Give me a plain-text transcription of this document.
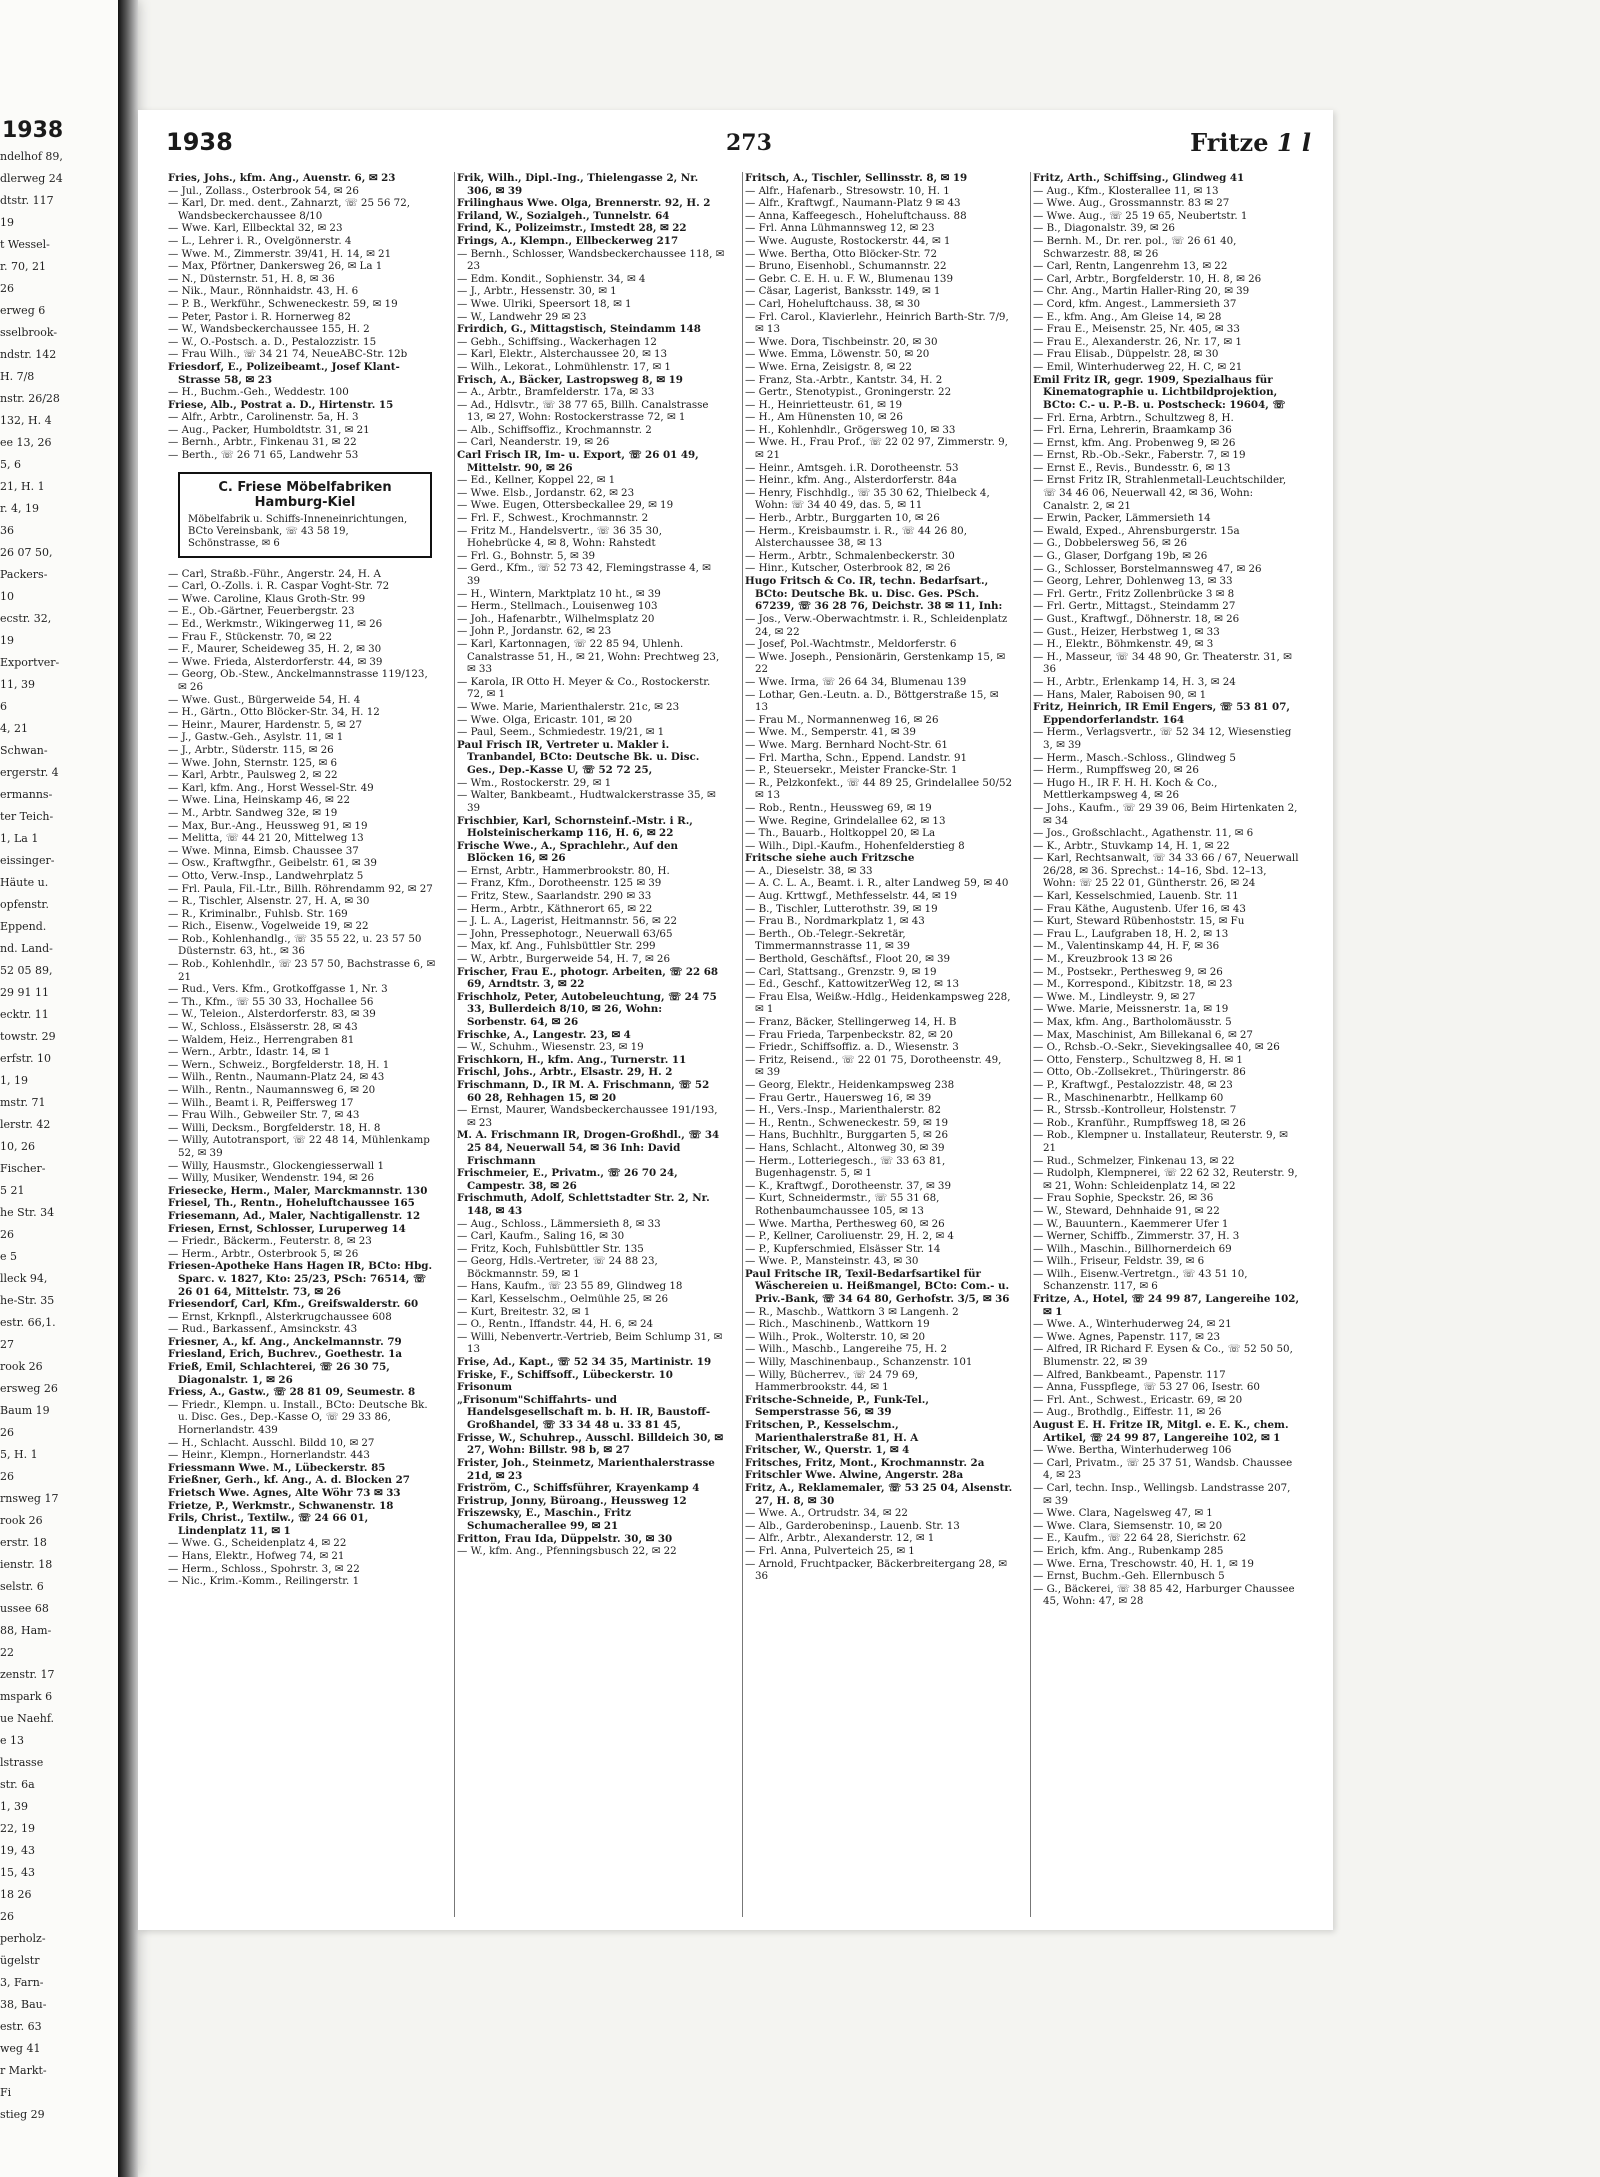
1938
ndelhof 89,
dlerweg 24
dtstr. 117
19
t Wessel-
r. 70, 21
26
erweg 6
sselbrook-
ndstr. 142
H. 7/8
nstr. 26/28
132, H. 4
ee 13, 26
5, 6
21, H. 1
r. 4, 19
36
26 07 50,
Packers-
10
ecstr. 32,
19
Exportver-
11, 39
6
4, 21
Schwan-
ergerstr. 4
ermanns-
ter Teich-
1, La 1
eissinger-
Häute u.
opfenstr.
Eppend.
nd. Land-
52 05 89,
29 91 11
ecktr. 11
towstr. 29
erfstr. 10
1, 19
mstr. 71
lerstr. 42
10, 26
Fischer-
5 21
he Str. 34
26
e 5
lleck 94,
he-Str. 35
estr. 66,1.
27
rook 26
ersweg 26
Baum 19
26
5, H. 1
26
rnsweg 17
rook 26
erstr. 18
ienstr. 18
selstr. 6
ussee 68
88, Ham-
22
zenstr. 17
mspark 6
ue Naehf.
e 13
lstrasse
str. 6a
1, 39
22, 19
19, 43
15, 43
18 26
26
perholz-
ügelstr
3, Farn-
38, Bau-
estr. 63
weg 41
r Markt-
Fi
stieg 29
1938	273	Fritze 1 l

Fries, Johs., kfm. Ang., Auenstr. 6, ✉ 23

— Jul., Zollass., Osterbrook 54, ✉ 26

— Karl, Dr. med. dent., Zahnarzt, ☏ 25 56 72, Wandsbeckerchaussee 8/10

— Wwe. Karl, Ellbecktal 32, ✉ 23

— L., Lehrer i. R., Ovelgönnerstr. 4

— Wwe. M., Zimmerstr. 39/41, H. 14, ✉ 21

— Max, Pförtner, Dankersweg 26, ✉ La 1

— N., Düsternstr. 51, H. 8, ✉ 36

— Nik., Maur., Rönnhaidstr. 43, H. 6

— P. B., Werkführ., Schweneckestr. 59, ✉ 19

— Peter, Pastor i. R. Hornerweg 82

— W., Wandsbeckerchaussee 155, H. 2

— W., O.-Postsch. a. D., Pestalozzistr. 15

— Frau Wilh., ☏ 34 21 74, NeueABC-Str. 12b

Friesdorf, E., Polizeibeamt., Josef Klant-Strasse 58, ✉ 23

— H., Buchm.-Geh., Weddestr. 100

Friese, Alb., Postrat a. D., Hirtenstr. 15

— Alfr., Arbtr., Carolinenstr. 5a, H. 3

— Aug., Packer, Humboldtstr. 31, ✉ 21

— Bernh., Arbtr., Finkenau 31, ✉ 22

— Berth., ☏ 26 71 65, Landwehr 53

C. Friese Möbelfabriken
Hamburg-Kiel
Möbelfabrik u. Schiffs-Inneneinrichtungen, BCto Vereinsbank, ☏ 43 58 19, Schönstrasse, ✉ 6

— Carl, Straßb.-Führ., Angerstr. 24, H. A

— Carl, O.-Zolls. i. R. Caspar Voght-Str. 72

— Wwe. Caroline, Klaus Groth-Str. 99

— E., Ob.-Gärtner, Feuerbergstr. 23

— Ed., Werkmstr., Wikingerweg 11, ✉ 26

— Frau F., Stückenstr. 70, ✉ 22

— F., Maurer, Scheideweg 35, H. 2, ✉ 30

— Wwe. Frieda, Alsterdorferstr. 44, ✉ 39

— Georg, Ob.-Stew., Anckelmannstrasse 119/123, ✉ 26

— Wwe. Gust., Bürgerweide 54, H. 4

— H., Gärtn., Otto Blöcker-Str. 34, H. 12

— Heinr., Maurer, Hardenstr. 5, ✉ 27

— J., Gastw.-Geh., Asylstr. 11, ✉ 1

— J., Arbtr., Süderstr. 115, ✉ 26

— Wwe. John, Sternstr. 125, ✉ 6

— Karl, Arbtr., Paulsweg 2, ✉ 22

— Karl, kfm. Ang., Horst Wessel-Str. 49

— Wwe. Lina, Heinskamp 46, ✉ 22

— M., Arbtr. Sandweg 32e, ✉ 19

— Max, Bur.-Ang., Heussweg 91, ✉ 19

— Melitta, ☏ 44 21 20, Mittelweg 13

— Wwe. Minna, Eimsb. Chaussee 37

— Osw., Kraftwgfhr., Geibelstr. 61, ✉ 39

— Otto, Verw.-Insp., Landwehrplatz 5

— Frl. Paula, Fil.-Ltr., Billh. Röhrendamm 92, ✉ 27

— R., Tischler, Alsenstr. 27, H. A, ✉ 30

— R., Kriminalbr., Fuhlsb. Str. 169

— Rich., Eisenw., Vogelweide 19, ✉ 22

— Rob., Kohlenhandlg., ☏ 35 55 22, u. 23 57 50 Düsternstr. 63, ht., ✉ 36

— Rob., Kohlenhdlr., ☏ 23 57 50, Bachstrasse 6, ✉ 21

— Rud., Vers. Kfm., Grotkoffgasse 1, Nr. 3

— Th., Kfm., ☏ 55 30 33, Hochallee 56

— W., Teleion., Alsterdorferstr. 83, ✉ 39

— W., Schloss., Elsässerstr. 28, ✉ 43

— Waldem, Heiz., Herrengraben 81

— Wern., Arbtr., Idastr. 14, ✉ 1

— Wern., Schweiz., Borgfelderstr. 18, H. 1

— Wilh., Rentn., Naumann-Platz 24, ✉ 43

— Wilh., Rentn., Naumannsweg 6, ✉ 20

— Wilh., Beamt i. R, Peiffersweg 17

— Frau Wilh., Gebweiler Str. 7, ✉ 43

— Willi, Decksm., Borgfelderstr. 18, H. 8

— Willy, Autotransport, ☏ 22 48 14, Mühlenkamp 52, ✉ 39

— Willy, Hausmstr., Glockengiesserwall 1

— Willy, Musiker, Wendenstr. 194, ✉ 26

Friesecke, Herm., Maler, Marckmannstr. 130

Friesel, Th., Rentn., Hoheluftchaussee 165

Friesemann, Ad., Maler, Nachtigallenstr. 12

Friesen, Ernst, Schlosser, Luruperweg 14

— Friedr., Bäckerm., Feuterstr. 8, ✉ 23

— Herm., Arbtr., Osterbrook 5, ✉ 26

Friesen-Apotheke Hans Hagen IR, BCto: Hbg. Sparc. v. 1827, Kto: 25/23, PSch: 76514, ☏ 26 01 64, Mittelstr. 73, ✉ 26

Friesendorf, Carl, Kfm., Greifswalderstr. 60

— Ernst, Krknpfl., Alsterkrugchaussee 608

— Rud., Barkassenf., Amsinckstr. 43

Friesner, A., kf. Ang., Anckelmannstr. 79

Friesland, Erich, Buchrev., Goethestr. 1a

Frieß, Emil, Schlachterei, ☏ 26 30 75, Diagonalstr. 1, ✉ 26

Friess, A., Gastw., ☏ 28 81 09, Seumestr. 8

— Friedr., Klempn. u. Install., BCto: Deutsche Bk. u. Disc. Ges., Dep.-Kasse O, ☏ 29 33 86, Hornerlandstr. 439

— H., Schlacht. Ausschl. Bildd 10, ✉ 27

— Heinr., Klempn., Hornerlandstr. 443

Friessmann Wwe. M., Lübeckerstr. 85

Frießner, Gerh., kf. Ang., A. d. Blocken 27

Frietsch Wwe. Agnes, Alte Wöhr 73 ✉ 33

Frietze, P., Werkmstr., Schwanenstr. 18

Frils, Christ., Textilw., ☏ 24 66 01, Lindenplatz 11, ✉ 1

— Wwe. G., Scheidenplatz 4, ✉ 22

— Hans, Elektr., Hofweg 74, ✉ 21

— Herm., Schloss., Spohrstr. 3, ✉ 22

— Nic., Krim.-Komm., Reilingerstr. 1

Frik, Wilh., Dipl.-Ing., Thielengasse 2, Nr. 306, ✉ 39

Frilinghaus Wwe. Olga, Brennerstr. 92, H. 2

Friland, W., Sozialgeh., Tunnelstr. 64

Frind, K., Polizeimstr., Imstedt 28, ✉ 22

Frings, A., Klempn., Ellbeckerweg 217

— Bernh., Schlosser, Wandsbeckerchaussee 118, ✉ 23

— Edm. Kondit., Sophienstr. 34, ✉ 4

— J., Arbtr., Hessenstr. 30, ✉ 1

— Wwe. Ulriki, Speersort 18, ✉ 1

— W., Landwehr 29 ✉ 23

Frirdich, G., Mittagstisch, Steindamm 148

— Gebh., Schiffsing., Wackerhagen 12

— Karl, Elektr., Alsterchaussee 20, ✉ 13

— Wilh., Lekorat., Lohmühlenstr. 17, ✉ 1

Frisch, A., Bäcker, Lastropsweg 8, ✉ 19

— A., Arbtr., Bramfelderstr. 17a, ✉ 33

— Ad., Hdlsvtr., ☏ 38 77 65, Billh. Canalstrasse 13, ✉ 27, Wohn: Rostockerstrasse 72, ✉ 1

— Alb., Schiffsoffiz., Krochmannstr. 2

— Carl, Neanderstr. 19, ✉ 26

Carl Frisch IR, Im- u. Export, ☏ 26 01 49, Mittelstr. 90, ✉ 26

— Ed., Kellner, Koppel 22, ✉ 1

— Wwe. Elsb., Jordanstr. 62, ✉ 23

— Wwe. Eugen, Ottersbeckallee 29, ✉ 19

— Frl. F., Schwest., Krochmannstr. 2

— Fritz M., Handelsvertr., ☏ 36 35 30, Hohebrücke 4, ✉ 8, Wohn: Rahstedt

— Frl. G., Bohnstr. 5, ✉ 39

— Gerd., Kfm., ☏ 52 73 42, Flemingstrasse 4, ✉ 39

— H., Wintern, Marktplatz 10 ht., ✉ 39

— Herm., Stellmach., Louisenweg 103

— Joh., Hafenarbtr., Wilhelmsplatz 20

— John P., Jordanstr. 62, ✉ 23

— Karl, Kartonnagen, ☏ 22 85 94, Uhlenh. Canalstrasse 51, H., ✉ 21, Wohn: Prechtweg 23, ✉ 33

— Karola, IR Otto H. Meyer & Co., Rostockerstr. 72, ✉ 1

— Wwe. Marie, Marienthalerstr. 21c, ✉ 23

— Wwe. Olga, Ericastr. 101, ✉ 20

— Paul, Seem., Schmiedestr. 19/21, ✉ 1

Paul Frisch IR, Vertreter u. Makler i. Tranbandel, BCto: Deutsche Bk. u. Disc. Ges., Dep.-Kasse U, ☏ 52 72 25,

— Wm., Rostockerstr. 29, ✉ 1

— Walter, Bankbeamt., Hudtwalckerstrasse 35, ✉ 39

Frischbier, Karl, Schornsteinf.-Mstr. i R., Holsteinischerkamp 116, H. 6, ✉ 22

Frische Wwe., A., Sprachlehr., Auf den Blöcken 16, ✉ 26

— Ernst, Arbtr., Hammerbrookstr. 80, H.

— Franz, Kfm., Dorotheenstr. 125 ✉ 39

— Fritz, Stew., Saarlandstr. 290 ✉ 33

— Herm., Arbtr., Käthnerort 65, ✉ 22

— J. L. A., Lagerist, Heitmannstr. 56, ✉ 22

— John, Pressephotogr., Neuerwall 63/65

— Max, kf. Ang., Fuhlsbüttler Str. 299

— W., Arbtr., Burgerweide 54, H. 7, ✉ 26

Frischer, Frau E., photogr. Arbeiten, ☏ 22 68 69, Arndtstr. 3, ✉ 22

Frischholz, Peter, Autobeleuchtung, ☏ 24 75 33, Bullerdeich 8/10, ✉ 26, Wohn: Sorbenstr. 64, ✉ 26

Frischke, A., Langestr. 23, ✉ 4

— W., Schuhm., Wiesenstr. 23, ✉ 19

Frischkorn, H., kfm. Ang., Turnerstr. 11

Frischl, Johs., Arbtr., Elsastr. 29, H. 2

Frischmann, D., IR M. A. Frischmann, ☏ 52 60 28, Rehhagen 15, ✉ 20

— Ernst, Maurer, Wandsbeckerchaussee 191/193, ✉ 23

M. A. Frischmann IR, Drogen-Großhdl., ☏ 34 25 84, Neuerwall 54, ✉ 36 Inh: David Frischmann

Frischmeier, E., Privatm., ☏ 26 70 24, Campestr. 38, ✉ 26

Frischmuth, Adolf, Schlettstadter Str. 2, Nr. 148, ✉ 43

— Aug., Schloss., Lämmersieth 8, ✉ 33

— Carl, Kaufm., Saling 16, ✉ 30

— Fritz, Koch, Fuhlsbüttler Str. 135

— Georg, Hdls.-Vertreter, ☏ 24 88 23, Böckmannstr. 59, ✉ 1

— Hans, Kaufm., ☏ 23 55 89, Glindweg 18

— Karl, Kesselschm., Oelmühle 25, ✉ 26

— Kurt, Breitestr. 32, ✉ 1

— O., Rentn., Iffandstr. 44, H. 6, ✉ 24

— Willi, Nebenvertr.-Vertrieb, Beim Schlump 31, ✉ 13

Frise, Ad., Kapt., ☏ 52 34 35, Martinistr. 19

Friske, F., Schiffsoff., Lübeckerstr. 10

Frisonum

„Frisonum"Schiffahrts- und Handelsgesellschaft m. b. H. IR, Baustoff-Großhandel, ☏ 33 34 48 u. 33 81 45,

Frisse, W., Schuhrep., Ausschl. Billdeich 30, ✉ 27, Wohn: Billstr. 98 b, ✉ 27

Frister, Joh., Steinmetz, Marienthalerstrasse 21d, ✉ 23

Friström, C., Schiffsführer, Krayenkamp 4

Fristrup, Jonny, Büroang., Heussweg 12

Friszewsky, E., Maschin., Fritz Schumacherallee 99, ✉ 21

Fritton, Frau Ida, Düppelstr. 30, ✉ 30

— W., kfm. Ang., Pfenningsbusch 22, ✉ 22

Fritsch, A., Tischler, Sellinsstr. 8, ✉ 19

— Alfr., Hafenarb., Stresowstr. 10, H. 1

— Alfr., Kraftwgf., Naumann-Platz 9 ✉ 43

— Anna, Kaffeegesch., Hoheluftchauss. 88

— Frl. Anna Lühmannsweg 12, ✉ 23

— Wwe. Auguste, Rostockerstr. 44, ✉ 1

— Wwe. Bertha, Otto Blöcker-Str. 72

— Bruno, Eisenhobl., Schumannstr. 22

— Gebr. C. E. H. u. F. W., Blumenau 139

— Cäsar, Lagerist, Banksstr. 149, ✉ 1

— Carl, Hoheluftchauss. 38, ✉ 30

— Frl. Carol., Klavierlehr., Heinrich Barth-Str. 7/9, ✉ 13

— Wwe. Dora, Tischbeinstr. 20, ✉ 30

— Wwe. Emma, Löwenstr. 50, ✉ 20

— Wwe. Erna, Zeisigstr. 8, ✉ 22

— Franz, Sta.-Arbtr., Kantstr. 34, H. 2

— Gertr., Stenotypist., Groningerstr. 22

— H., Heinrietteustr. 61, ✉ 19

— H., Am Hünensten 10, ✉ 26

— H., Kohlenhdlr., Grögersweg 10, ✉ 33

— Wwe. H., Frau Prof., ☏ 22 02 97, Zimmerstr. 9, ✉ 21

— Heinr., Amtsgeh. i.R. Dorotheenstr. 53

— Heinr., kfm. Ang., Alsterdorferstr. 84a

— Henry, Fischhdlg., ☏ 35 30 62, Thielbeck 4, Wohn: ☏ 34 40 49, das. 5, ✉ 11

— Herb., Arbtr., Burggarten 10, ✉ 26

— Herm., Kreisbaumstr. i. R., ☏ 44 26 80, Alsterchaussee 38, ✉ 13

— Herm., Arbtr., Schmalenbeckerstr. 30

— Hinr., Kutscher, Osterbrook 82, ✉ 26

Hugo Fritsch & Co. IR, techn. Bedarfsart., BCto: Deutsche Bk. u. Disc. Ges. PSch. 67239, ☏ 36 28 76, Deichstr. 38 ✉ 11, Inh:

— Jos., Verw.-Oberwachtmstr. i. R., Schleidenplatz 24, ✉ 22

— Josef, Pol.-Wachtmstr., Meldorferstr. 6

— Wwe. Joseph., Pensionärin, Gerstenkamp 15, ✉ 22

— Wwe. Irma, ☏ 26 64 34, Blumenau 139

— Lothar, Gen.-Leutn. a. D., Böttgerstraße 15, ✉ 13

— Frau M., Normannenweg 16, ✉ 26

— Wwe. M., Semperstr. 41, ✉ 39

— Wwe. Marg. Bernhard Nocht-Str. 61

— Frl. Martha, Schn., Eppend. Landstr. 91

— P., Steuersekr., Meister Francke-Str. 1

— R., Pelzkonfekt., ☏ 44 89 25, Grindelallee 50/52 ✉ 13

— Rob., Rentn., Heussweg 69, ✉ 19

— Wwe. Regine, Grindelallee 62, ✉ 13

— Th., Bauarb., Holtkoppel 20, ✉ La

— Wilh., Dipl.-Kaufm., Hohenfelderstieg 8

Fritsche siehe auch Fritzsche

— A., Dieselstr. 38, ✉ 33

— A. C. L. A., Beamt. i. R., alter Landweg 59, ✉ 40

— Aug. Krttwgf., Methfesselstr. 44, ✉ 19

— B., Tischler, Lutterothstr. 39, ✉ 19

— Frau B., Nordmarkplatz 1, ✉ 43

— Berth., Ob.-Telegr.-Sekretär, Timmermannstrasse 11, ✉ 39

— Berthold, Geschäftsf., Floot 20, ✉ 39

— Carl, Stattsang., Grenzstr. 9, ✉ 19

— Ed., Geschf., KattowitzerWeg 12, ✉ 13

— Frau Elsa, Weißw.-Hdlg., Heidenkampsweg 228, ✉ 1

— Franz, Bäcker, Stellingerweg 14, H. B

— Frau Frieda, Tarpenbeckstr. 82, ✉ 20

— Friedr., Schiffsoffiz. a. D., Wiesenstr. 3

— Fritz, Reisend., ☏ 22 01 75, Dorotheenstr. 49, ✉ 39

— Georg, Elektr., Heidenkampsweg 238

— Frau Gertr., Hauersweg 16, ✉ 39

— H., Vers.-Insp., Marienthalerstr. 82

— H., Rentn., Schweneckestr. 59, ✉ 19

— Hans, Buchhltr., Burggarten 5, ✉ 26

— Hans, Schlacht., Altonweg 30, ✉ 39

— Herm., Lotteriegesch., ☏ 33 63 81, Bugenhagenstr. 5, ✉ 1

— K., Kraftwgf., Dorotheenstr. 37, ✉ 39

— Kurt, Schneidermstr., ☏ 55 31 68, Rothenbaumchaussee 105, ✉ 13

— Wwe. Martha, Perthesweg 60, ✉ 26

— P., Kellner, Caroliuenstr. 29, H. 2, ✉ 4

— P., Kupferschmied, Elsässer Str. 14

— Wwe. P., Mansteinstr. 43, ✉ 30

Paul Fritsche IR, Texil-Bedarfsartikel für Wäschereien u. Heißmangel, BCto: Com.- u. Priv.-Bank, ☏ 34 64 80, Gerhofstr. 3/5, ✉ 36

— R., Maschb., Wattkorn 3 ✉ Langenh. 2

— Rich., Maschinenb., Wattkorn 19

— Wilh., Prok., Wolterstr. 10, ✉ 20

— Wilh., Maschb., Langereihe 75, H. 2

— Willy, Maschinenbaup., Schanzenstr. 101

— Willy, Bücherrev., ☏ 24 79 69, Hammerbrookstr. 44, ✉ 1

Fritsche-Schneide, P., Funk-Tel., Semperstrasse 56, ✉ 39

Fritschen, P., Kesselschm., Marienthalerstraße 81, H. A

Fritscher, W., Querstr. 1, ✉ 4

Fritsches, Fritz, Mont., Krochmannstr. 2a

Fritschler Wwe. Alwine, Angerstr. 28a

Fritz, A., Reklamemaler, ☏ 53 25 04, Alsenstr. 27, H. 8, ✉ 30

— Wwe. A., Ortrudstr. 34, ✉ 22

— Alb., Garderobeninsp., Lauenb. Str. 13

— Alfr., Arbtr., Alexanderstr. 12, ✉ 1

— Frl. Anna, Pulverteich 25, ✉ 1

— Arnold, Fruchtpacker, Bäckerbreitergang 28, ✉ 36

Fritz, Arth., Schiffsing., Glindweg 41

— Aug., Kfm., Klosterallee 11, ✉ 13

— Wwe. Aug., Grossmannstr. 83 ✉ 27

— Wwe. Aug., ☏ 25 19 65, Neubertstr. 1

— B., Diagonalstr. 39, ✉ 26

— Bernh. M., Dr. rer. pol., ☏ 26 61 40, Schwarzestr. 88, ✉ 26

— Carl, Rentn, Langenrehm 13, ✉ 22

— Carl, Arbtr., Borgfelderstr. 10, H. 8, ✉ 26

— Chr. Ang., Martin Haller-Ring 20, ✉ 39

— Cord, kfm. Angest., Lammersieth 37

— E., kfm. Ang., Am Gleise 14, ✉ 28

— Frau E., Meisenstr. 25, Nr. 405, ✉ 33

— Frau E., Alexanderstr. 26, Nr. 17, ✉ 1

— Frau Elisab., Düppelstr. 28, ✉ 30

— Emil, Winterhuderweg 22, H. C, ✉ 21

Emil Fritz IR, gegr. 1909, Spezialhaus für Kinematographie u. Lichtbildprojektion, BCto: C.- u. P.-B. u. Postscheck: 19604, ☏

— Frl. Erna, Arbtrn., Schultzweg 8, H.

— Frl. Erna, Lehrerin, Braamkamp 36

— Ernst, kfm. Ang. Probenweg 9, ✉ 26

— Ernst, Rb.-Ob.-Sekr., Faberstr. 7, ✉ 19

— Ernst E., Revis., Bundesstr. 6, ✉ 13

— Ernst Fritz IR, Strahlenmetall-Leuchtschilder, ☏ 34 46 06, Neuerwall 42, ✉ 36, Wohn: Canalstr. 2, ✉ 21

— Erwin, Packer, Lämmersieth 14

— Ewald, Exped., Ahrensburgerstr. 15a

— G., Dobbelersweg 56, ✉ 26

— G., Glaser, Dorfgang 19b, ✉ 26

— G., Schlosser, Borstelmannsweg 47, ✉ 26

— Georg, Lehrer, Dohlenweg 13, ✉ 33

— Frl. Gertr., Fritz Zollenbrücke 3 ✉ 8

— Frl. Gertr., Mittagst., Steindamm 27

— Gust., Kraftwgf., Döhnerstr. 18, ✉ 26

— Gust., Heizer, Herbstweg 1, ✉ 33

— H., Elektr., Böhmkenstr. 49, ✉ 3

— H., Masseur, ☏ 34 48 90, Gr. Theaterstr. 31, ✉ 36

— H., Arbtr., Erlenkamp 14, H. 3, ✉ 24

— Hans, Maler, Raboisen 90, ✉ 1

Fritz, Heinrich, IR Emil Engers, ☏ 53 81 07, Eppendorferlandstr. 164

— Herm., Verlagsvertr., ☏ 52 34 12, Wiesenstieg 3, ✉ 39

— Herm., Masch.-Schloss., Glindweg 5

— Herm., Rumpffsweg 20, ✉ 26

— Hugo H., IR F. H. H. Koch & Co., Mettlerkampsweg 4, ✉ 26

— Johs., Kaufm., ☏ 29 39 06, Beim Hirtenkaten 2, ✉ 34

— Jos., Großschlacht., Agathenstr. 11, ✉ 6

— K., Arbtr., Stuvkamp 14, H. 1, ✉ 22

— Karl, Rechtsanwalt, ☏ 34 33 66 / 67, Neuerwall 26/28, ✉ 36. Sprechst.: 14–16, Sbd. 12–13, Wohn: ☏ 25 22 01, Güntherstr. 26, ✉ 24

— Karl, Kesselschmied, Lauenb. Str. 11

— Frau Käthe, Augustenb. Ufer 16, ✉ 43

— Kurt, Steward Rübenhoststr. 15, ✉ Fu

— Frau L., Laufgraben 18, H. 2, ✉ 13

— M., Valentinskamp 44, H. F, ✉ 36

— M., Kreuzbrook 13 ✉ 26

— M., Postsekr., Perthesweg 9, ✉ 26

— M., Korrespond., Kibitzstr. 18, ✉ 23

— Wwe. M., Lindleystr. 9, ✉ 27

— Wwe. Marie, Meissnerstr. 1a, ✉ 19

— Max, kfm. Ang., Bartholomäusstr. 5

— Max, Maschinist, Am Billekanal 6, ✉ 27

— O., Rchsb.-O.-Sekr., Sievekingsallee 40, ✉ 26

— Otto, Fensterp., Schultzweg 8, H. ✉ 1

— Otto, Ob.-Zollsekret., Thüringerstr. 86

— P., Kraftwgf., Pestalozzistr. 48, ✉ 23

— R., Maschinenarbtr., Hellkamp 60

— R., Strssb.-Kontrolleur, Holstenstr. 7

— Rob., Kranführ., Rumpffsweg 18, ✉ 26

— Rob., Klempner u. Installateur, Reuterstr. 9, ✉ 21

— Rud., Schmelzer, Finkenau 13, ✉ 22

— Rudolph, Klempnerei, ☏ 22 62 32, Reuterstr. 9, ✉ 21, Wohn: Schleidenplatz 14, ✉ 22

— Frau Sophie, Speckstr. 26, ✉ 36

— W., Steward, Dehnhaide 91, ✉ 22

— W., Bauuntern., Kaemmerer Ufer 1

— Werner, Schiffb., Zimmerstr. 37, H. 3

— Wilh., Maschin., Billhornerdeich 69

— Wilh., Friseur, Feldstr. 39, ✉ 6

— Wilh., Eisenw.-Vertretgn., ☏ 43 51 10, Schanzenstr. 117, ✉ 6

Fritze, A., Hotel, ☏ 24 99 87, Langereihe 102, ✉ 1

— Wwe. A., Winterhuderweg 24, ✉ 21

— Wwe. Agnes, Papenstr. 117, ✉ 23

— Alfred, IR Richard F. Eysen & Co., ☏ 52 50 50, Blumenstr. 22, ✉ 39

— Alfred, Bankbeamt., Papenstr. 117

— Anna, Fusspflege, ☏ 53 27 06, Isestr. 60

— Frl. Ant., Schwest., Ericastr. 69, ✉ 20

— Aug., Brothdlg., Eiffestr. 11, ✉ 26

August E. H. Fritze IR, Mitgl. e. E. K., chem. Artikel, ☏ 24 99 87, Langereihe 102, ✉ 1

— Wwe. Bertha, Winterhuderweg 106

— Carl, Privatm., ☏ 25 37 51, Wandsb. Chaussee 4, ✉ 23

— Carl, techn. Insp., Wellingsb. Landstrasse 207, ✉ 39

— Wwe. Clara, Nagelsweg 47, ✉ 1

— Wwe. Clara, Siemsenstr. 10, ✉ 20

— E., Kaufm., ☏ 22 64 28, Sierichstr. 62

— Erich, kfm. Ang., Rubenkamp 285

— Wwe. Erna, Treschowstr. 40, H. 1, ✉ 19

— Ernst, Buchm.-Geh. Ellernbusch 5

— G., Bäckerei, ☏ 38 85 42, Harburger Chaussee 45, Wohn: 47, ✉ 28
